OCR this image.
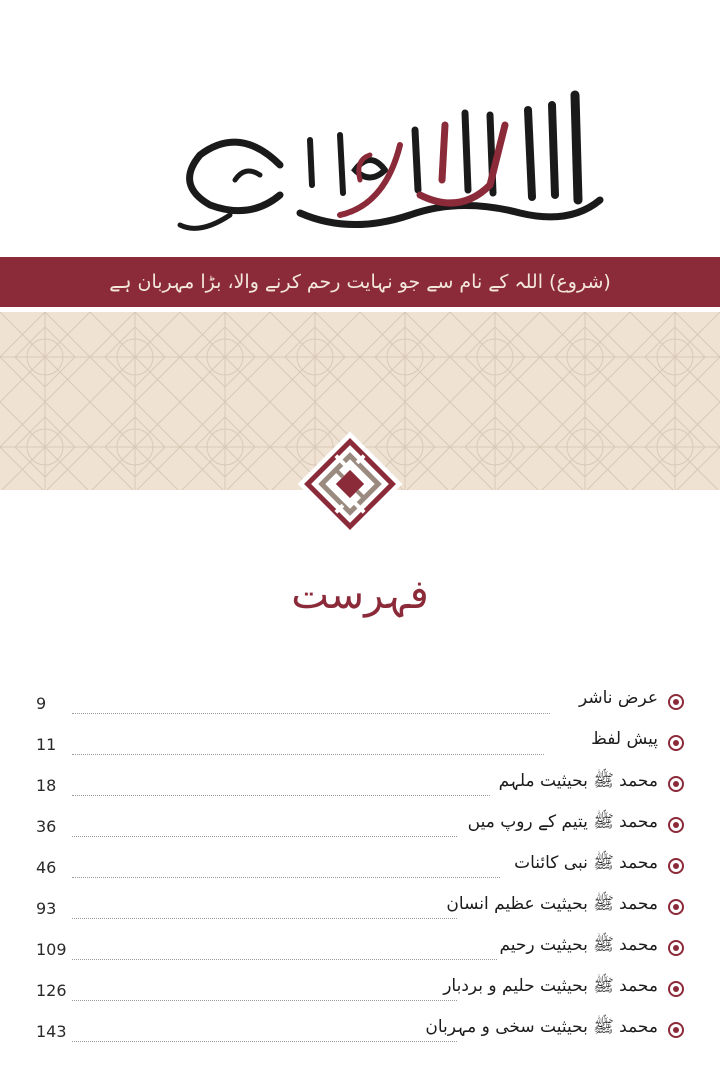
(شروع) اللہ کے نام سے جو نہایت رحم کرنے والا، بڑا مہربان ہے
فہرست
9	عرض ناشر
11	پیش لفظ
18	محمد ﷺ بحیثیت ملہم
36	محمد ﷺ یتیم کے روپ میں
46	محمد ﷺ نبی کائنات
93	محمد ﷺ بحیثیت عظیم انسان
109	محمد ﷺ بحیثیت رحیم
126	محمد ﷺ بحیثیت حلیم و بردبار
143	محمد ﷺ بحیثیت سخی و مہربان
